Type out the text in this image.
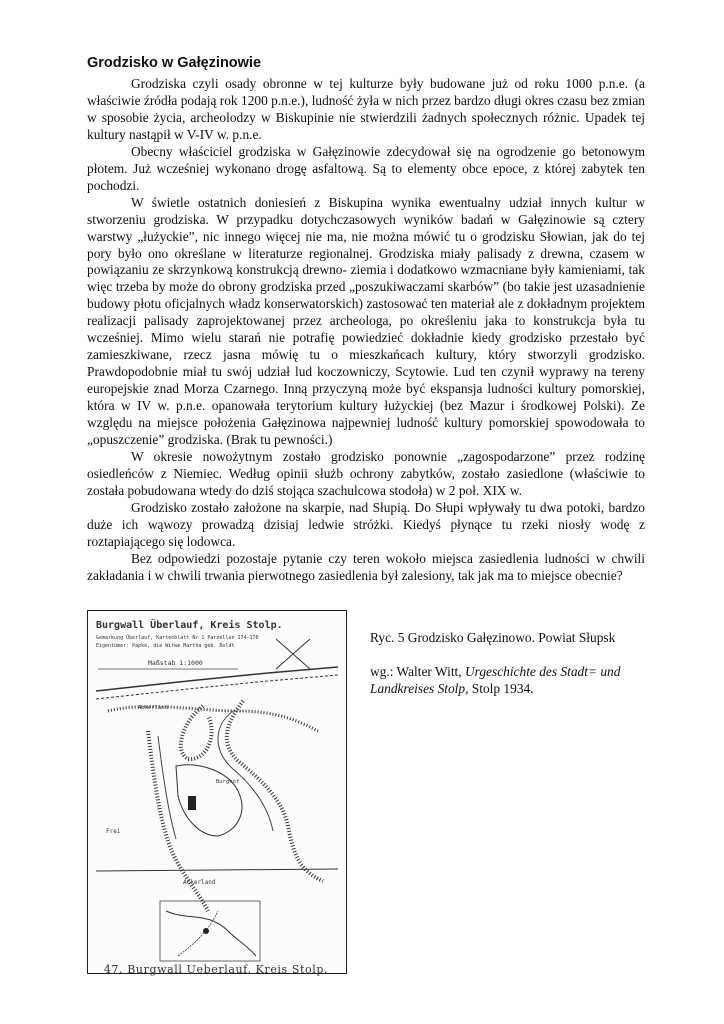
Grodzisko w Gałęzinowie

Grodziska czyli osady obronne w tej kulturze były budowane już od roku 1000 p.n.e. (a właściwie źródła podają rok 1200 p.n.e.), ludność żyła w nich przez bardzo długi okres czasu bez zmian w sposobie życia, archeolodzy w Biskupinie nie stwierdzili żadnych społecznych różnic. Upadek tej kultury nastąpił w V-IV w. p.n.e.

Obecny właściciel grodziska w Gałęzinowie zdecydował się na ogrodzenie go betonowym płotem. Już wcześniej wykonano drogę asfaltową. Są to elementy obce epoce, z której zabytek ten pochodzi.

W świetle ostatnich doniesień z Biskupina wynika ewentualny udział innych kultur w stworzeniu grodziska. W przypadku dotychczasowych wyników badań w Gałęzinowie są cztery warstwy „łużyckie”, nic innego więcej nie ma, nie można mówić tu o grodzisku Słowian, jak do tej pory było ono określane w literaturze regionalnej. Grodziska miały palisady z drewna, czasem w powiązaniu ze skrzynkową konstrukcją drewno- ziemia i dodatkowo wzmacniane były kamieniami, tak więc trzeba by może do obrony grodziska przed „poszukiwaczami skarbów” (bo takie jest uzasadnienie budowy płotu oficjalnych władz konserwatorskich) zastosować ten materiał ale z dokładnym projektem realizacji palisady zaprojektowanej przez archeologa, po określeniu jaka to konstrukcja była tu wcześniej. Mimo wielu starań nie potrafię powiedzieć dokładnie kiedy grodzisko przestało być zamieszkiwane, rzecz jasna mówię tu o mieszkańcach kultury, który stworzyli grodzisko. Prawdopodobnie miał tu swój udział lud koczowniczy, Scytowie. Lud ten czynił wyprawy na tereny europejskie znad Morza Czarnego. Inną przyczyną może być ekspansja ludności kultury pomorskiej, która w IV w. p.n.e. opanowała terytorium kultury łużyckiej (bez Mazur i środkowej Polski). Ze względu na miejsce położenia Gałęzinowa najpewniej ludność kultury pomorskiej spowodowała to „opuszczenie” grodziska. (Brak tu pewności.)

W okresie nowożytnym zostało grodzisko ponownie „zagospodarzone” przez rodzinę osiedleńców z Niemiec. Według opinii służb ochrony zabytków, zostało zasiedlone (właściwie to została pobudowana wtedy do dziś stojąca szachulcowa stodoła) w 2 poł. XIX w.

Grodzisko zostało założone na skarpie, nad Słupią. Do Słupi wpływały tu dwa potoki, bardzo duże ich wąwozy prowadzą dzisiaj ledwie stróżki. Kiedyś płynące tu rzeki niosły wodę z roztapiającego się lodowca.

Bez odpowiedzi pozostaje pytanie czy teren wokoło miejsca zasiedlenia ludności w chwili zakładania i w chwili trwania pierwotnego zasiedlenia był zalesiony, tak jak ma to miejsce obecnie?

Burgwall Überlauf, Kreis Stolp.
Gemarkung Überlauf, Kartenblatt Nr 1 Parzellen 174-176
Eigentümer: Papke, die Witwe Martha geb. Boldt
Maßstab 1:1000
Burghof
Frei
Ackerland
Ackerland
47. Burgwall Ueberlauf, Kreis Stolp.

Ryc. 5 Grodzisko Gałęzinowo. Powiat Słupsk

wg.: Walter Witt, Urgeschichte des Stadt= und Landkreises Stolp, Stolp 1934.
